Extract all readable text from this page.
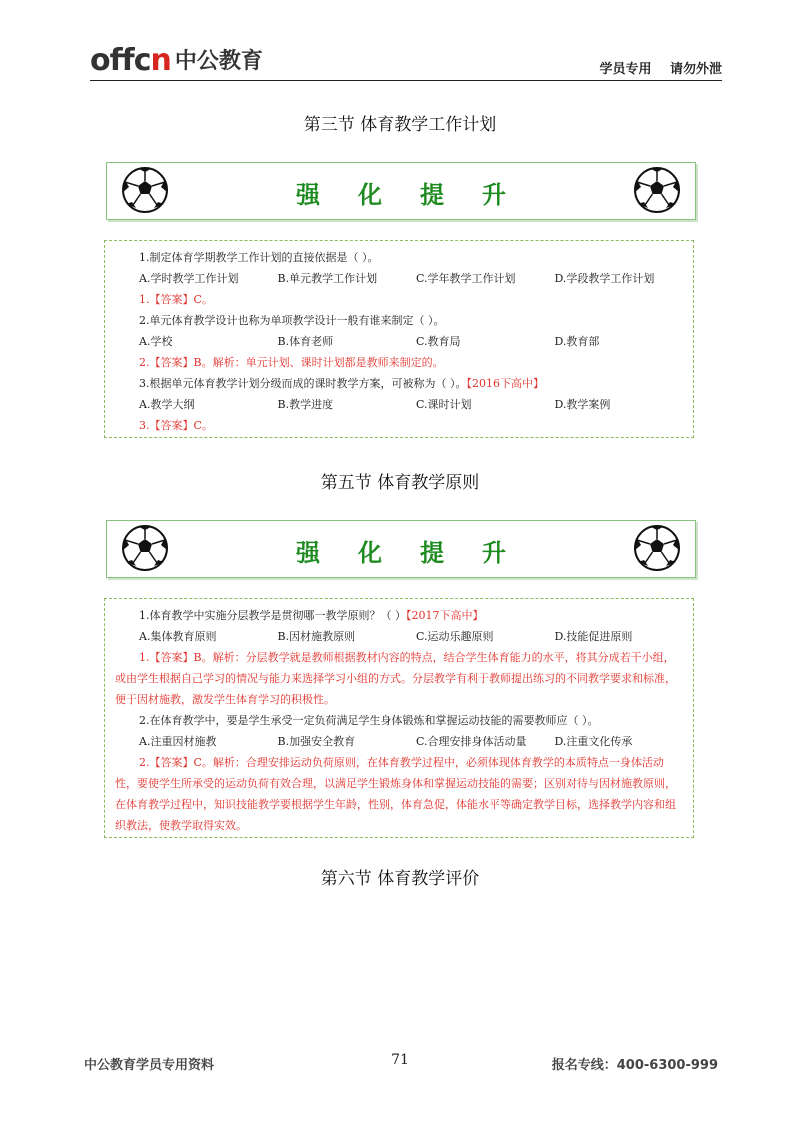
offcn 中公教育	学员专用 请勿外泄
第三节 体育教学工作计划
强化提升
1.制定体育学期教学工作计划的直接依据是（ ）。
A.学时教学工作计划	B.单元教学工作计划	C.学年教学工作计划	D.学段教学工作计划
1.【答案】C。
2.单元体育教学设计也称为单项教学设计一般有谁来制定（ ）。
A.学校	B.体育老师	C.教育局	D.教育部
2.【答案】B。解析：单元计划、课时计划都是教师来制定的。
3.根据单元体育教学计划分级而成的课时教学方案，可被称为（ ）。【2016下高中】
A.教学大纲	B.教学进度	C.课时计划	D.教学案例
3.【答案】C。
第五节 体育教学原则
强化提升
1.体育教学中实施分层教学是贯彻哪一教学原则？（ ）【2017下高中】
A.集体教育原则	B.因材施教原则	C.运动乐趣原则	D.技能促进原则
1.【答案】B。解析：分层教学就是教师根据教材内容的特点，结合学生体育能力的水平，将其分成若干小组，或由学生根据自己学习的情况与能力来选择学习小组的方式。分层教学有利于教师提出练习的不同教学要求和标准，便于因材施教，激发学生体育学习的积极性。
2.在体育教学中，要是学生承受一定负荷满足学生身体锻炼和掌握运动技能的需要教师应（ ）。
A.注重因材施教	B.加强安全教育	C.合理安排身体活动量	D.注重文化传承
2.【答案】C。解析：合理安排运动负荷原则，在体育教学过程中，必须体现体育教学的本质特点一身体活动性，要使学生所承受的运动负荷有效合理，以满足学生锻炼身体和掌握运动技能的需要；区别对待与因材施教原则，在体育教学过程中，知识技能教学要根据学生年龄，性别，体育急促，体能水平等确定教学目标，选择教学内容和组织教法，使教学取得实效。
第六节 体育教学评价
中公教育学员专用资料	71	报名专线：400-6300-999
